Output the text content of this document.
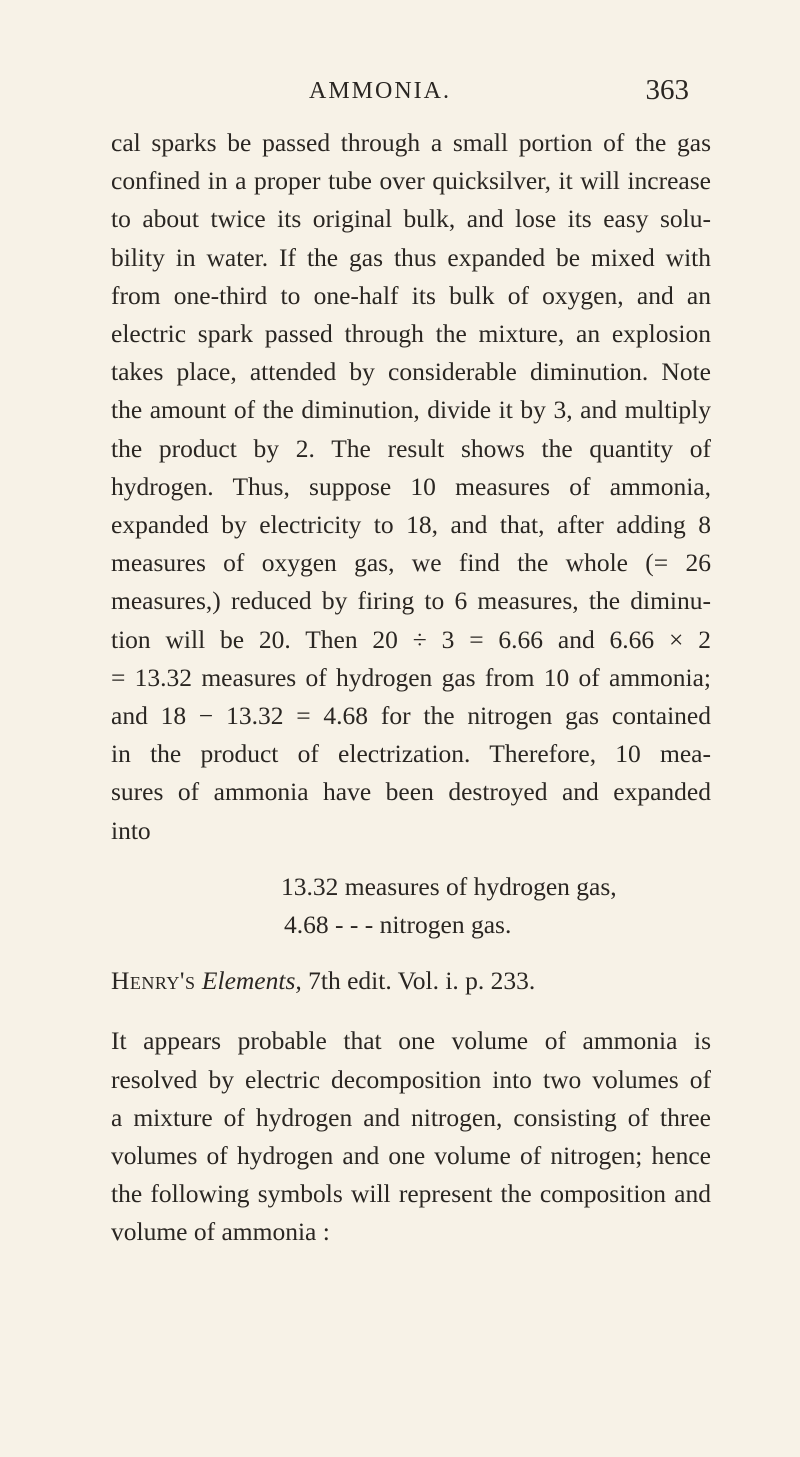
AMMONIA.	363
cal sparks be passed through a small portion of the gas
confined in a proper tube over quicksilver, it will increase
to about twice its original bulk, and lose its easy solu-
bility in water. If the gas thus expanded be mixed with
from one-third to one-half its bulk of oxygen, and an
electric spark passed through the mixture, an explosion
takes place, attended by considerable diminution. Note
the amount of the diminution, divide it by 3, and multiply
the product by 2. The result shows the quantity of
hydrogen. Thus, suppose 10 measures of ammonia,
expanded by electricity to 18, and that, after adding 8
measures of oxygen gas, we find the whole (= 26
measures,) reduced by firing to 6 measures, the diminu-
tion will be 20. Then 20 ÷ 3 = 6.66 and 6.66 × 2
= 13.32 measures of hydrogen gas from 10 of ammonia;
and 18 − 13.32 = 4.68 for the nitrogen gas contained
in the product of electrization. Therefore, 10 mea-
sures of ammonia have been destroyed and expanded
into
13.32 measures of hydrogen gas,
4.68 - - - nitrogen gas.
Henry's Elements, 7th edit. Vol. i. p. 233.
It appears probable that one volume of ammonia is
resolved by electric decomposition into two volumes of
a mixture of hydrogen and nitrogen, consisting of three
volumes of hydrogen and one volume of nitrogen; hence
the following symbols will represent the composition and
volume of ammonia :
